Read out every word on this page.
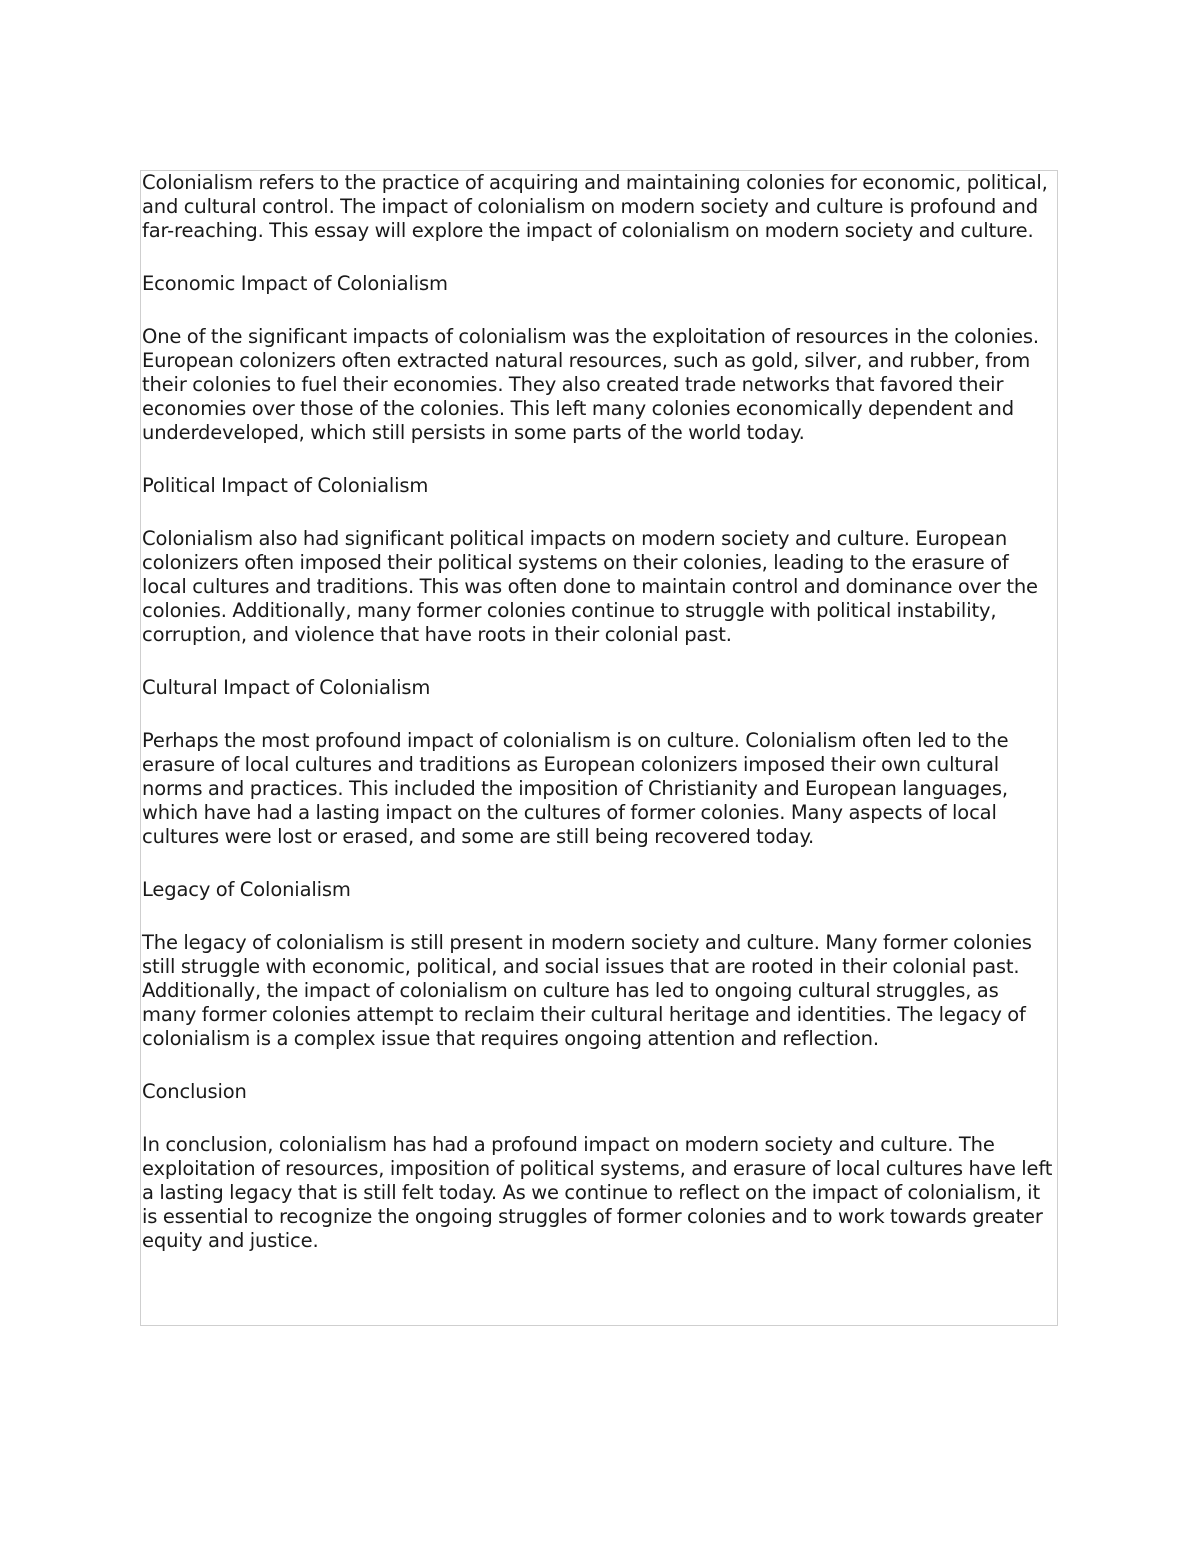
Colonialism refers to the practice of acquiring and maintaining colonies for economic, political, and cultural control. The impact of colonialism on modern society and culture is profound and far-reaching. This essay will explore the impact of colonialism on modern society and culture.

Economic Impact of Colonialism

One of the significant impacts of colonialism was the exploitation of resources in the colonies. European colonizers often extracted natural resources, such as gold, silver, and rubber, from their colonies to fuel their economies. They also created trade networks that favored their economies over those of the colonies. This left many colonies economically dependent and underdeveloped, which still persists in some parts of the world today.

Political Impact of Colonialism

Colonialism also had significant political impacts on modern society and culture. European colonizers often imposed their political systems on their colonies, leading to the erasure of local cultures and traditions. This was often done to maintain control and dominance over the colonies. Additionally, many former colonies continue to struggle with political instability, corruption, and violence that have roots in their colonial past.

Cultural Impact of Colonialism

Perhaps the most profound impact of colonialism is on culture. Colonialism often led to the erasure of local cultures and traditions as European colonizers imposed their own cultural norms and practices. This included the imposition of Christianity and European languages, which have had a lasting impact on the cultures of former colonies. Many aspects of local cultures were lost or erased, and some are still being recovered today.

Legacy of Colonialism

The legacy of colonialism is still present in modern society and culture. Many former colonies still struggle with economic, political, and social issues that are rooted in their colonial past. Additionally, the impact of colonialism on culture has led to ongoing cultural struggles, as many former colonies attempt to reclaim their cultural heritage and identities. The legacy of colonialism is a complex issue that requires ongoing attention and reflection.

Conclusion

In conclusion, colonialism has had a profound impact on modern society and culture. The exploitation of resources, imposition of political systems, and erasure of local cultures have left a lasting legacy that is still felt today. As we continue to reflect on the impact of colonialism, it is essential to recognize the ongoing struggles of former colonies and to work towards greater equity and justice.
